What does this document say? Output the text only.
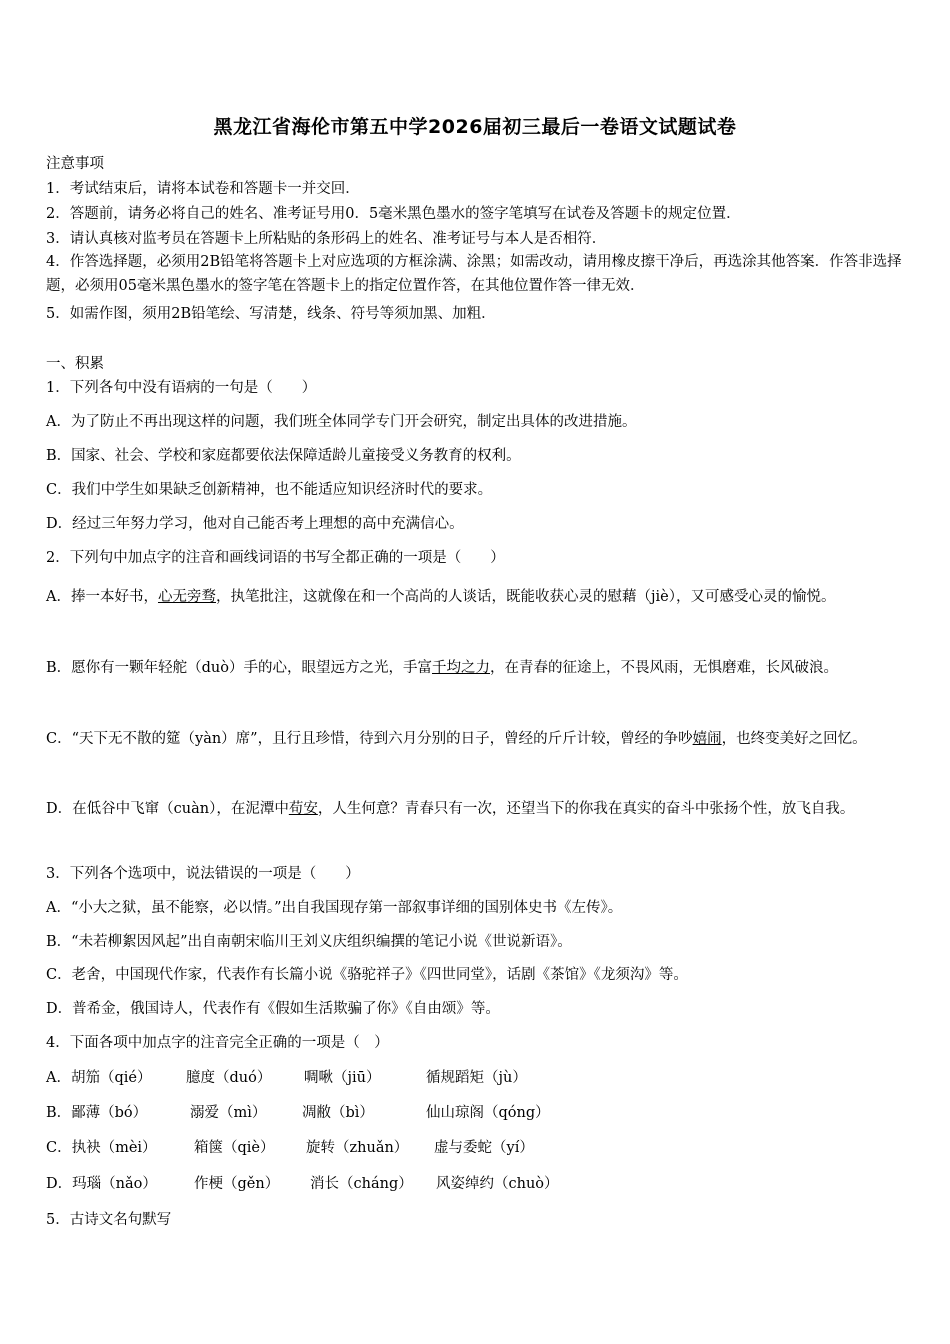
黑龙江省海伦市第五中学2026届初三最后一卷语文试题试卷
注意事项
1．考试结束后，请将本试卷和答题卡一并交回．
2．答题前，请务必将自己的姓名、准考证号用0．5毫米黑色墨水的签字笔填写在试卷及答题卡的规定位置．
3．请认真核对监考员在答题卡上所粘贴的条形码上的姓名、准考证号与本人是否相符．
4．作答选择题，必须用2B铅笔将答题卡上对应选项的方框涂满、涂黑；如需改动，请用橡皮擦干净后，再选涂其他答案．作答非选择题，必须用05毫米黑色墨水的签字笔在答题卡上的指定位置作答，在其他位置作答一律无效．
5．如需作图，须用2B铅笔绘、写清楚，线条、符号等须加黑、加粗．
一、积累
1．下列各句中没有语病的一句是（　　）
A．为了防止不再出现这样的问题，我们班全体同学专门开会研究，制定出具体的改进措施。
B．国家、社会、学校和家庭都要依法保障适龄儿童接受义务教育的权利。
C．我们中学生如果缺乏创新精神，也不能适应知识经济时代的要求。
D．经过三年努力学习，他对自己能否考上理想的高中充满信心。
2．下列句中加点字的注音和画线词语的书写全都正确的一项是（　　）
A．捧一本好书，心无旁骛，执笔批注，这就像在和一个高尚的人谈话，既能收获心灵的慰藉（jiè），又可感受心灵的愉悦。
B．愿你有一颗年轻舵（duò）手的心，眼望远方之光，手富千均之力，在青春的征途上，不畏风雨，无惧磨难，长风破浪。
C．“天下无不散的筵（yàn）席”，且行且珍惜，待到六月分别的日子，曾经的斤斤计较，曾经的争吵嬉闹，也终变美好之回忆。
D．在低谷中飞窜（cuàn），在泥潭中苟安，人生何意？青春只有一次，还望当下的你我在真实的奋斗中张扬个性，放飞自我。
3．下列各个选项中，说法错误的一项是（　　）
A．“小大之狱，虽不能察，必以情。”出自我国现存第一部叙事详细的国别体史书《左传》。
B．“未若柳絮因风起”出自南朝宋临川王刘义庆组织编撰的笔记小说《世说新语》。
C．老舍，中国现代作家，代表作有长篇小说《骆驼祥子》《四世同堂》，话剧《茶馆》《龙须沟》等。
D．普希金，俄国诗人，代表作有《假如生活欺骗了你》《自由颂》等。
4．下面各项中加点字的注音完全正确的一项是（　）
A．胡笳（qié） 臆度（duó） 啁啾（jiū）	循规蹈矩（jù）
B．鄙薄（bó）	溺爱（mì） 凋敝（bì）	仙山琼阁（qóng）
C．执袂（mèi）	箱箧（qiè） 旋转（zhuǎn） 虚与委蛇（yí）
D．玛瑙（nǎo）	作梗（gěn） 消长（cháng） 风姿绰约（chuò）
5．古诗文名句默写
